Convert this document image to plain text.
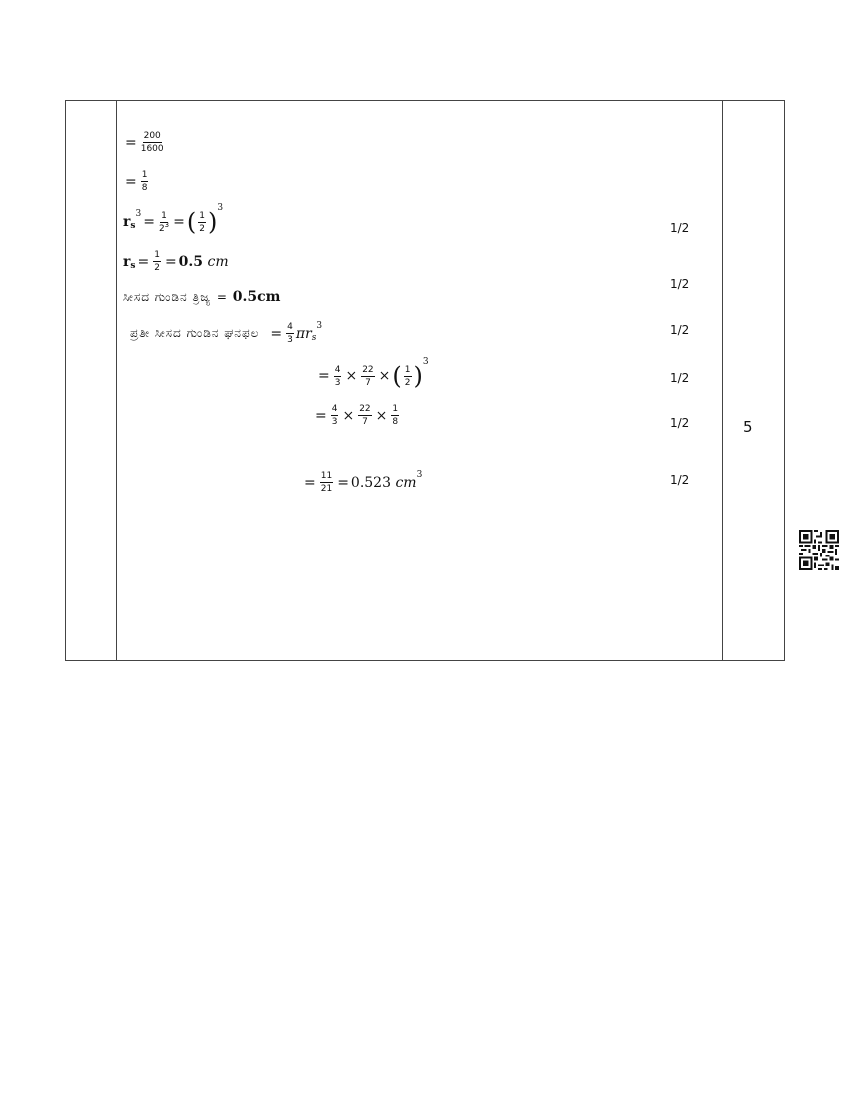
= $\frac{200}{1600}$
= $\frac{1}{8}$
r s
$3 = \frac{1}{2^3}$ = ( $\frac{1}{2}$ ) 3
r $s = \frac{1}{2} = 0.5$
cm
ಸೀಸದ ಗುಂಡಿನ ತ್ರಿಜ್ಯ = 0.5cm
ಪ್ರತೀ ಸೀಸದ ಗುಂಡಿನ ಘನಫಲ = $\frac{4}{3}$ π r s
3
= $\frac{4}{3} \times \frac{22}{7}$ × ( $\frac{1}{2}$ ) 3
= $\frac{4}{3} \times \frac{22}{7} \times \frac{1}{8}$
= $\frac{11}{21} = 0.523$
cm 3
1/2
1/2
1/2
1/2
1/2
1/2
5
